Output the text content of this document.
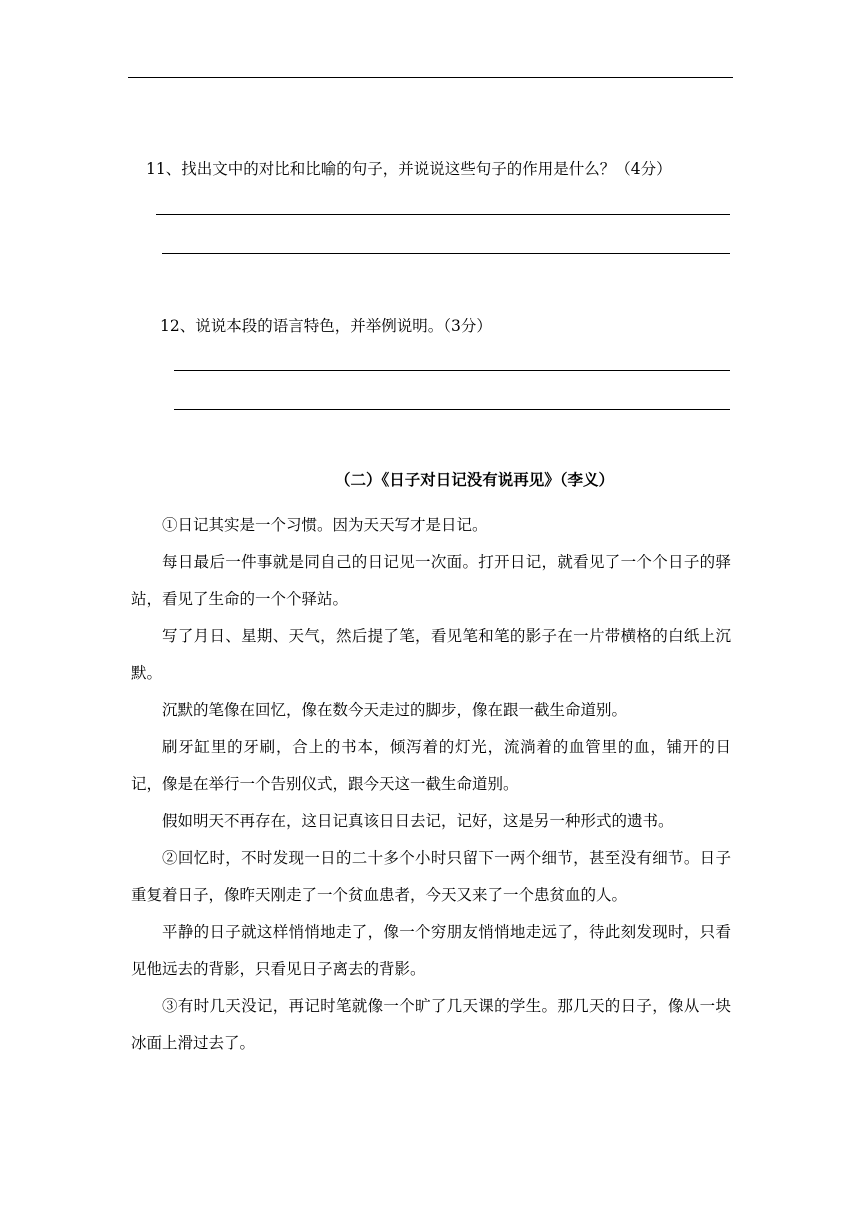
11、找出文中的对比和比喻的句子，并说说这些句子的作用是什么？（4分）
12、说说本段的语言特色，并举例说明。（3分）
（二）《日子对日记没有说再见》（李义）

①日记其实是一个习惯。因为天天写才是日记。

每日最后一件事就是同自己的日记见一次面。打开日记，就看见了一个个日子的驿站，看见了生命的一个个驿站。

写了月日、星期、天气，然后提了笔，看见笔和笔的影子在一片带横格的白纸上沉默。

沉默的笔像在回忆，像在数今天走过的脚步，像在跟一截生命道别。

刷牙缸里的牙刷，合上的书本，倾泻着的灯光，流淌着的血管里的血，铺开的日记，像是在举行一个告别仪式，跟今天这一截生命道别。

假如明天不再存在，这日记真该日日去记，记好，这是另一种形式的遗书。

②回忆时，不时发现一日的二十多个小时只留下一两个细节，甚至没有细节。日子重复着日子，像昨天刚走了一个贫血患者，今天又来了一个患贫血的人。

平静的日子就这样悄悄地走了，像一个穷朋友悄悄地走远了，待此刻发现时，只看见他远去的背影，只看见日子离去的背影。

③有时几天没记，再记时笔就像一个旷了几天课的学生。那几天的日子，像从一块冰面上滑过去了。
